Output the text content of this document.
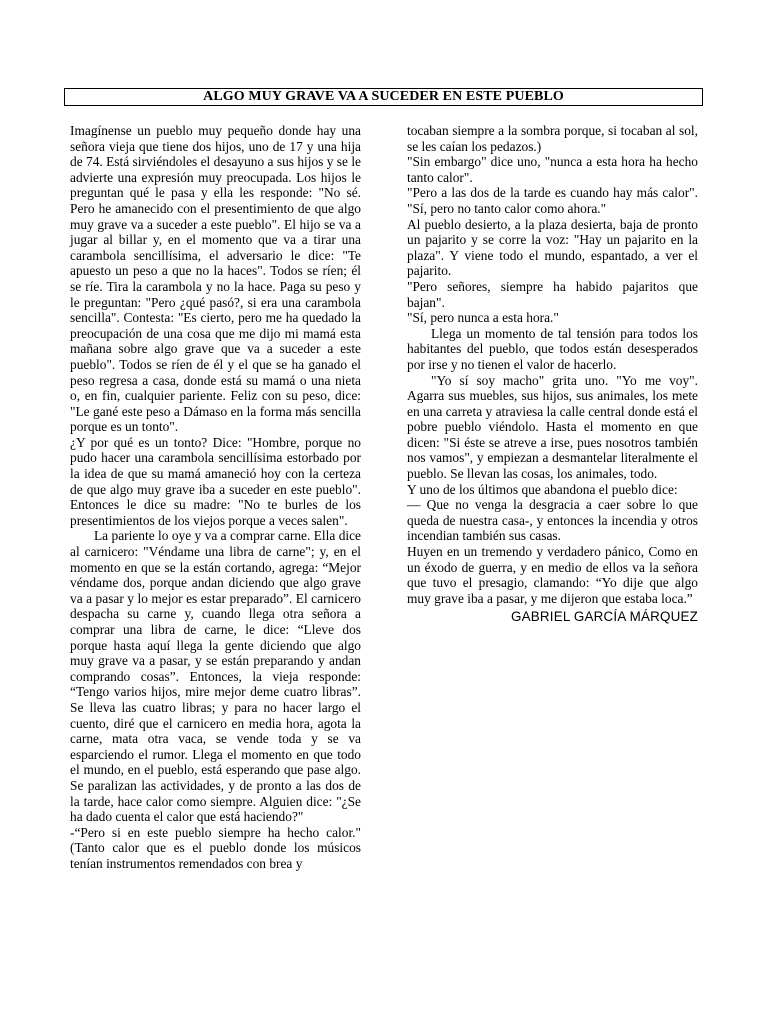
ALGO MUY GRAVE VA A SUCEDER EN ESTE PUEBLO

Imagínense un pueblo muy pequeño donde hay una señora vieja que tiene dos hijos, uno de 17 y una hija de 74. Está sirviéndoles el desayuno a sus hijos y se le advierte una expresión muy preocupada. Los hijos le preguntan qué le pasa y ella les responde: "No sé. Pero he amanecido con el presentimiento de que algo muy grave va a suceder a este pueblo". El hijo se va a jugar al billar y, en el momento que va a tirar una carambola sencillísima, el adversario le dice: "Te apuesto un peso a que no la haces". Todos se ríen; él se ríe. Tira la carambola y no la hace. Paga su peso y le preguntan: "Pero ¿qué pasó?, si era una carambola sencilla". Contesta: "Es cierto, pero me ha quedado la preocupación de una cosa que me dijo mi mamá esta mañana sobre algo grave que va a suceder a este pueblo". Todos se ríen de él y el que se ha ganado el peso regresa a casa, donde está su mamá o una nieta o, en fin, cualquier pariente. Feliz con su peso, dice: "Le gané este peso a Dámaso en la forma más sencilla porque es un tonto".

¿Y por qué es un tonto? Dice: "Hombre, porque no pudo hacer una carambola sencillísima estorbado por la idea de que su mamá amaneció hoy con la certeza de que algo muy grave iba a suceder en este pueblo". Entonces le dice su madre: "No te burles de los presentimientos de los viejos porque a veces salen".

La pariente lo oye y va a comprar carne. Ella dice al carnicero: "Véndame una libra de carne"; y, en el momento en que se la están cortando, agrega: “Mejor véndame dos, porque andan diciendo que algo grave va a pasar y lo mejor es estar preparado”. El carnicero despacha su carne y, cuando llega otra señora a comprar una libra de carne, le dice: “Lleve dos porque hasta aquí llega la gente diciendo que algo muy grave va a pasar, y se están preparando y andan comprando cosas”. Entonces, la vieja responde: “Tengo varios hijos, mire mejor deme cuatro libras”. Se lleva las cuatro libras; y para no hacer largo el cuento, diré que el carnicero en media hora, agota la carne, mata otra vaca, se vende toda y se va esparciendo el rumor. Llega el momento en que todo el mundo, en el pueblo, está esperando que pase algo. Se paralizan las actividades, y de pronto a las dos de la tarde, hace calor como siempre. Alguien dice: "¿Se ha dado cuenta el calor que está haciendo?"

-“Pero si en este pueblo siempre ha hecho calor." (Tanto calor que es el pueblo donde los músicos tenían instrumentos remendados con brea y

tocaban siempre a la sombra porque, si tocaban al sol, se les caían los pedazos.)

"Sin embargo" dice uno, "nunca a esta hora ha hecho tanto calor".

"Pero a las dos de la tarde es cuando hay más calor". "Sí, pero no tanto calor como ahora."

Al pueblo desierto, a la plaza desierta, baja de pronto un pajarito y se corre la voz: "Hay un pajarito en la plaza". Y viene todo el mundo, espantado, a ver el pajarito.

"Pero señores, siempre ha habido pajaritos que bajan".

"Sí, pero nunca a esta hora."

Llega un momento de tal tensión para todos los habitantes del pueblo, que todos están desesperados por irse y no tienen el valor de hacerlo.

"Yo sí soy macho" grita uno. "Yo me voy". Agarra sus muebles, sus hijos, sus animales, los mete en una carreta y atraviesa la calle central donde está el pobre pueblo viéndolo. Hasta el momento en que dicen: "Si éste se atreve a irse, pues nosotros también nos vamos", y empiezan a desmantelar literalmente el pueblo. Se llevan las cosas, los animales, todo.

Y uno de los últimos que abandona el pueblo dice:

— Que no venga la desgracia a caer sobre lo que queda de nuestra casa-, y entonces la incendia y otros incendian también sus casas.

Huyen en un tremendo y verdadero pánico, Como en un éxodo de guerra, y en medio de ellos va la señora que tuvo el presagio, clamando: “Yo dije que algo muy grave iba a pasar, y me dijeron que estaba loca.”

GABRIEL GARCÍA MÁRQUEZ
